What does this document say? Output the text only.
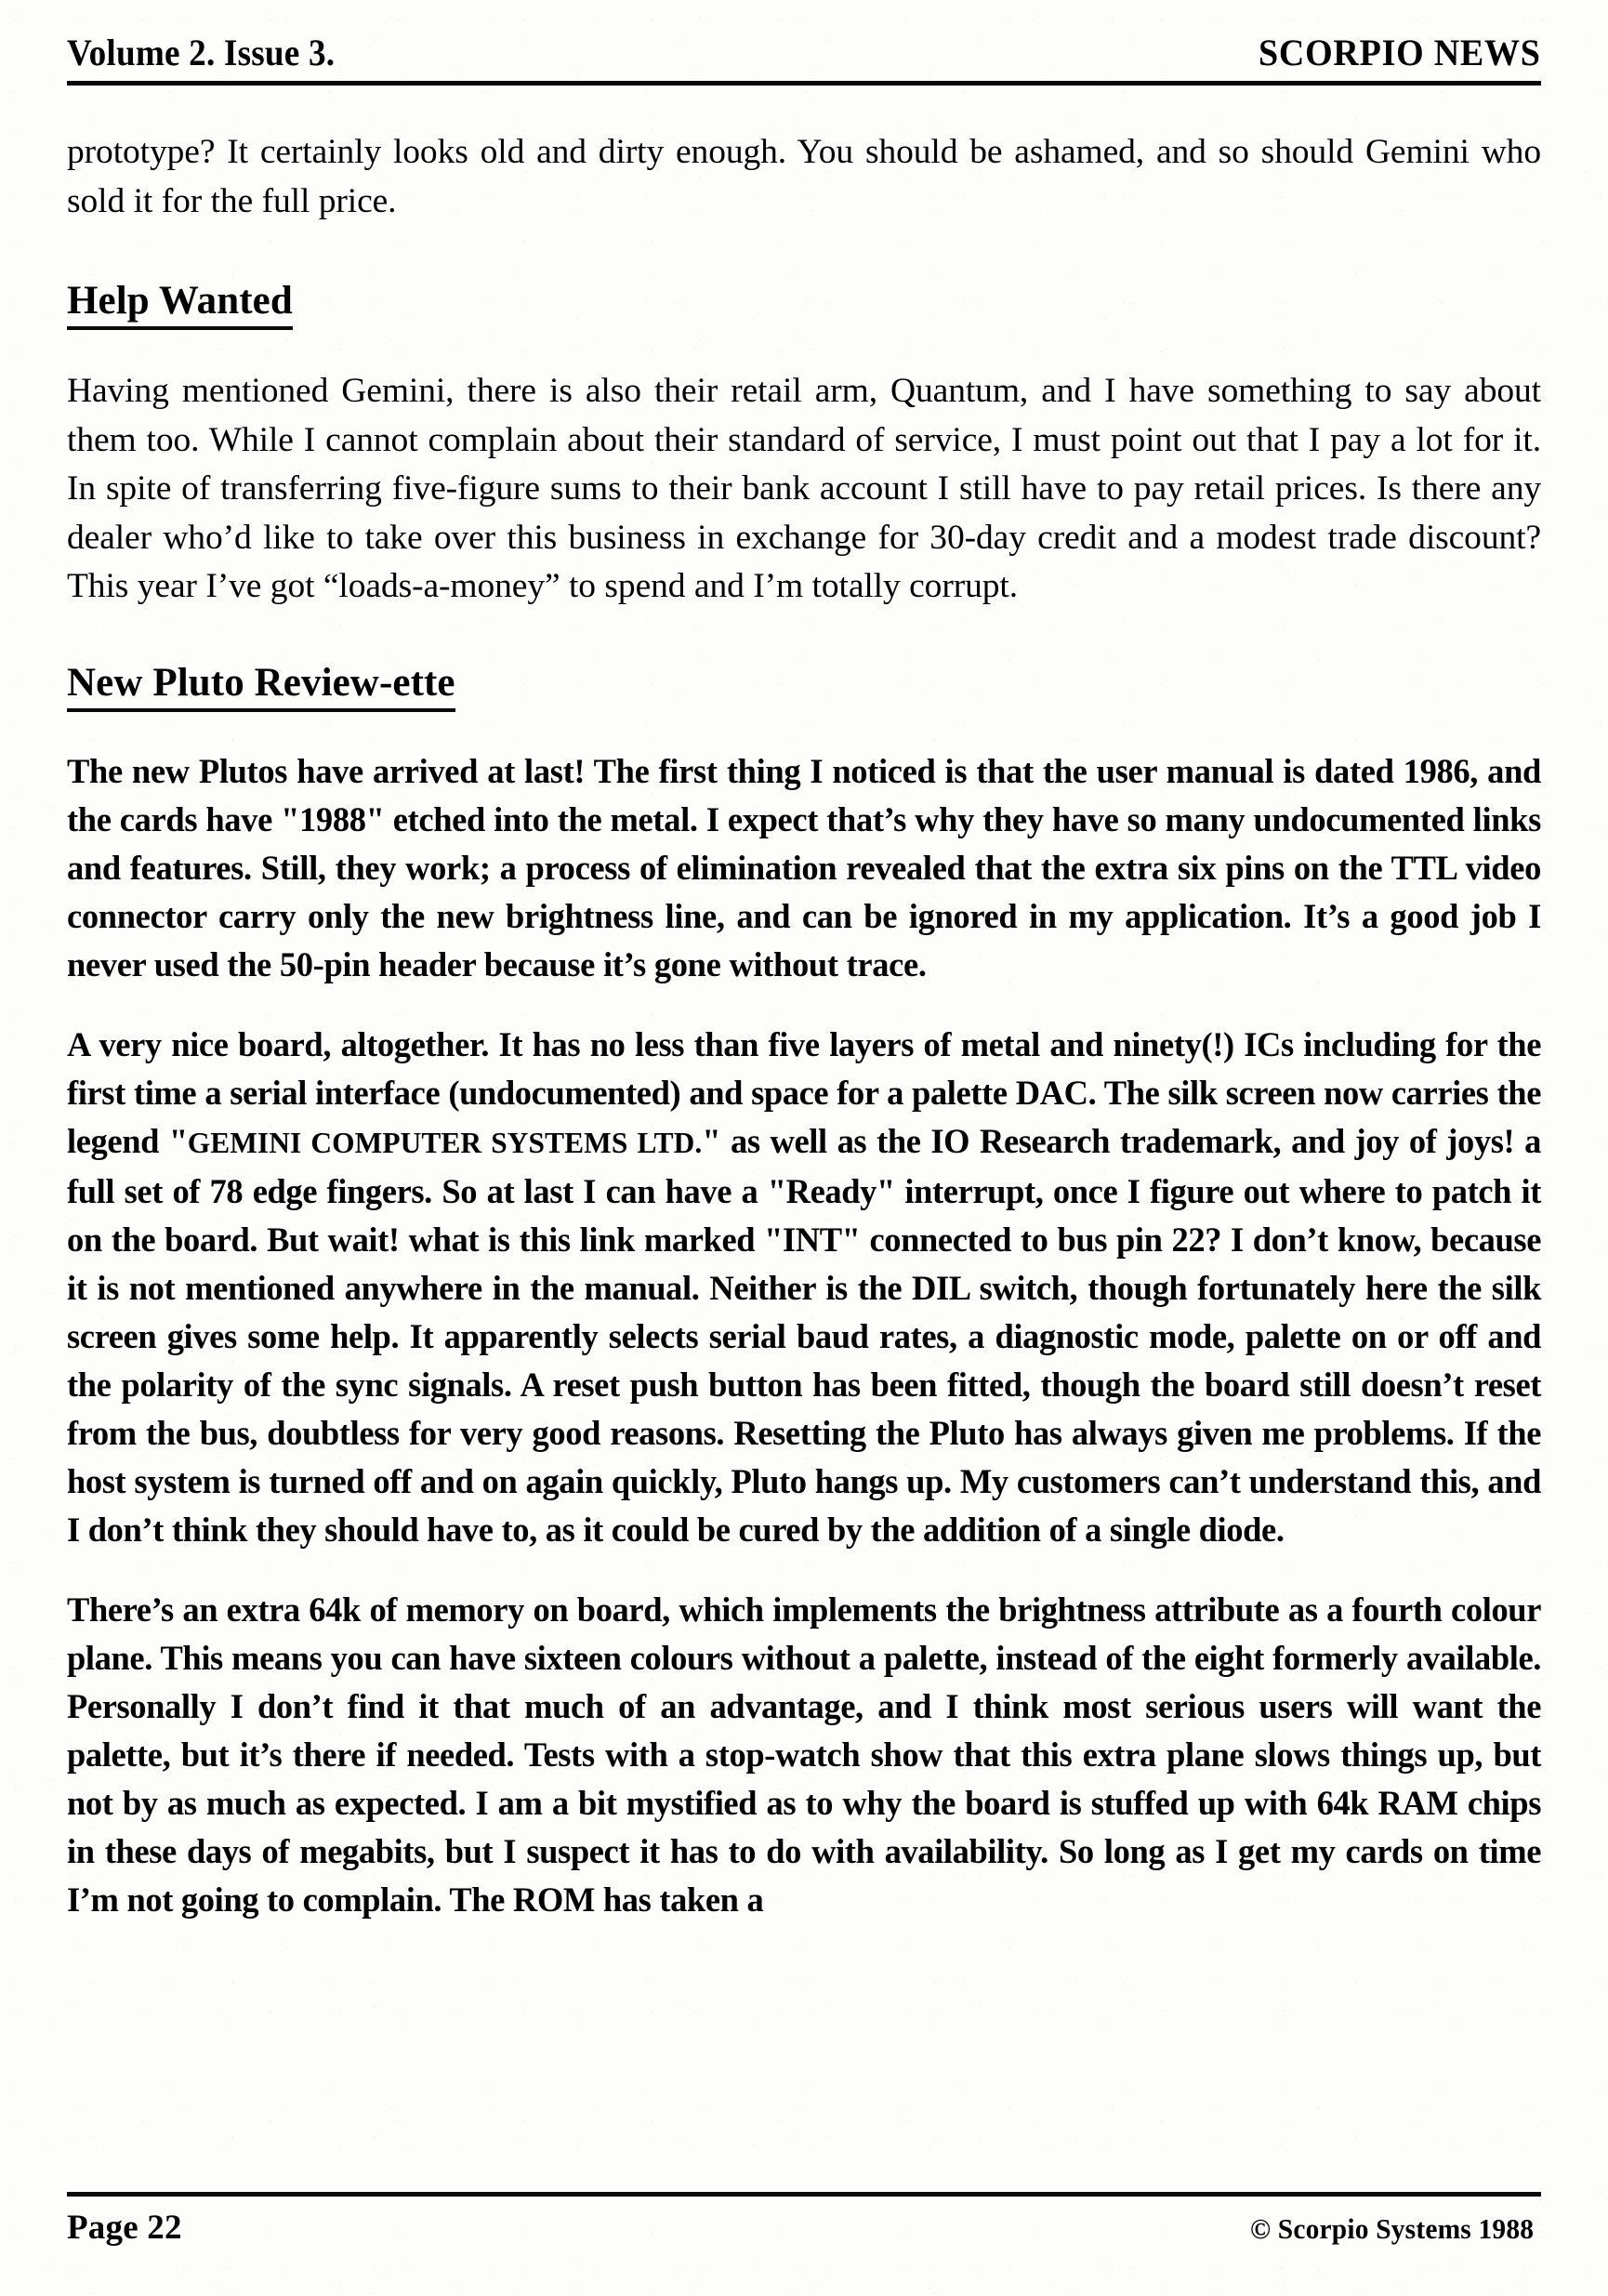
Volume 2. Issue 3.	SCORPIO NEWS

prototype? It certainly looks old and dirty enough. You should be ashamed, and so should Gemini who sold it for the full price.

Help Wanted

Having mentioned Gemini, there is also their retail arm, Quantum, and I have something to say about them too. While I cannot complain about their standard of service, I must point out that I pay a lot for it. In spite of transferring five-figure sums to their bank account I still have to pay retail prices. Is there any dealer who’d like to take over this business in exchange for 30-day credit and a modest trade discount? This year I’ve got “loads-a-money” to spend and I’m totally corrupt.

New Pluto Review-ette

The new Plutos have arrived at last! The first thing I noticed is that the user manual is dated 1986, and the cards have "1988" etched into the metal. I expect that’s why they have so many undocumented links and features. Still, they work; a process of elimination revealed that the extra six pins on the TTL video connector carry only the new brightness line, and can be ignored in my application. It’s a good job I never used the 50-pin header because it’s gone without trace.

A very nice board, altogether. It has no less than five layers of metal and ninety(!) ICs including for the first time a serial interface (undocumented) and space for a palette DAC. The silk screen now carries the legend "GEMINI COMPUTER SYSTEMS LTD." as well as the IO Research trademark, and joy of joys! a full set of 78 edge fingers. So at last I can have a "Ready" interrupt, once I figure out where to patch it on the board. But wait! what is this link marked "INT" connected to bus pin 22? I don’t know, because it is not mentioned anywhere in the manual. Neither is the DIL switch, though fortunately here the silk screen gives some help. It apparently selects serial baud rates, a diagnostic mode, palette on or off and the polarity of the sync signals. A reset push button has been fitted, though the board still doesn’t reset from the bus, doubtless for very good reasons. Resetting the Pluto has always given me problems. If the host system is turned off and on again quickly, Pluto hangs up. My customers can’t understand this, and I don’t think they should have to, as it could be cured by the addition of a single diode.

There’s an extra 64k of memory on board, which implements the brightness attribute as a fourth colour plane. This means you can have sixteen colours without a palette, instead of the eight formerly available. Personally I don’t find it that much of an advantage, and I think most serious users will want the palette, but it’s there if needed. Tests with a stop-watch show that this extra plane slows things up, but not by as much as expected. I am a bit mystified as to why the board is stuffed up with 64k RAM chips in these days of megabits, but I suspect it has to do with availability. So long as I get my cards on time I’m not going to complain. The ROM has taken a

Page 22	© Scorpio Systems 1988
